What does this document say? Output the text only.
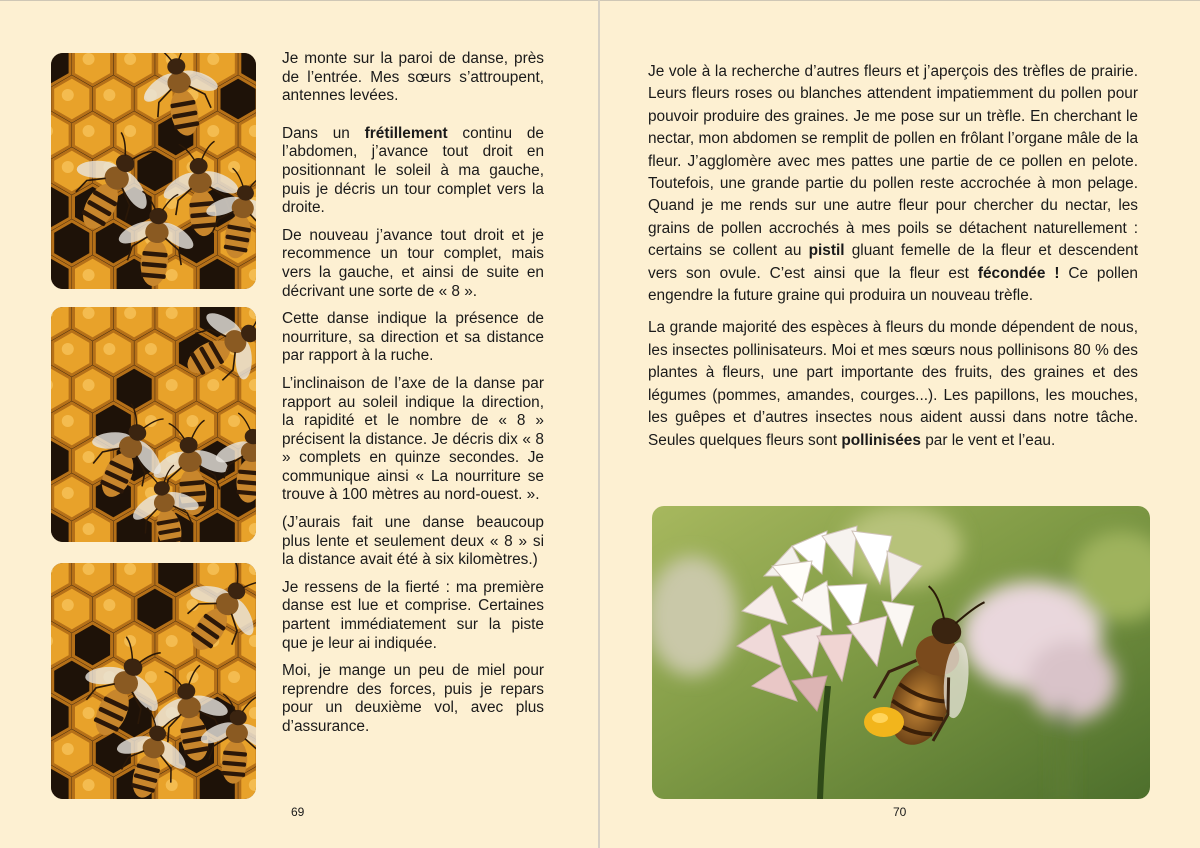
Je monte sur la paroi de danse, près de l’entrée. Mes sœurs s’attroupent, antennes levées.

Dans un frétillement continu de l’abdomen, j’avance tout droit en positionnant le soleil à ma gauche, puis je décris un tour complet vers la droite.

De nouveau j’avance tout droit et je recommence un tour complet, mais vers la gauche, et ainsi de suite en décrivant une sorte de « 8 ».

Cette danse indique la présence de nourriture, sa direction et sa distance par rapport à la ruche.

L’inclinaison de l’axe de la danse par rapport au soleil indique la direction, la rapidité et le nombre de « 8 » précisent la distance. Je décris dix « 8 » complets en quinze secondes. Je communique ainsi « La nourriture se trouve à 100 mètres au nord-ouest. ».

(J’aurais fait une danse beaucoup plus lente et seulement deux « 8 » si la distance avait été à six kilomètres.)

Je ressens de la fierté : ma première danse est lue et comprise. Certaines partent immédiatement sur la piste que je leur ai indiquée.

Moi, je mange un peu de miel pour reprendre des forces, puis je repars pour un deuxième vol, avec plus d’assurance.

69

Je vole à la recherche d’autres fleurs et j’aperçois des trèfles de prairie. Leurs fleurs roses ou blanches attendent impatiemment du pollen pour pouvoir produire des graines. Je me pose sur un trèfle. En cherchant le nectar, mon abdomen se remplit de pollen en frôlant l’organe mâle de la fleur. J’agglomère avec mes pattes une partie de ce pollen en pelote. Toutefois, une grande partie du pollen reste accrochée à mon pelage. Quand je me rends sur une autre fleur pour chercher du nectar, les grains de pollen accrochés à mes poils se détachent naturellement : certains se collent au pistil gluant femelle de la fleur et descendent vers son ovule. C’est ainsi que la fleur est fécondée ! Ce pollen engendre la future graine qui produira un nouveau trèfle.

La grande majorité des espèces à fleurs du monde dépendent de nous, les insectes pollinisateurs. Moi et mes sœurs nous pollinisons 80 % des plantes à fleurs, une part importante des fruits, des graines et des légumes (pommes, amandes, courges...). Les papillons, les mouches, les guêpes et d’autres insectes nous aident aussi dans notre tâche. Seules quelques fleurs sont pollinisées par le vent et l’eau.

70
